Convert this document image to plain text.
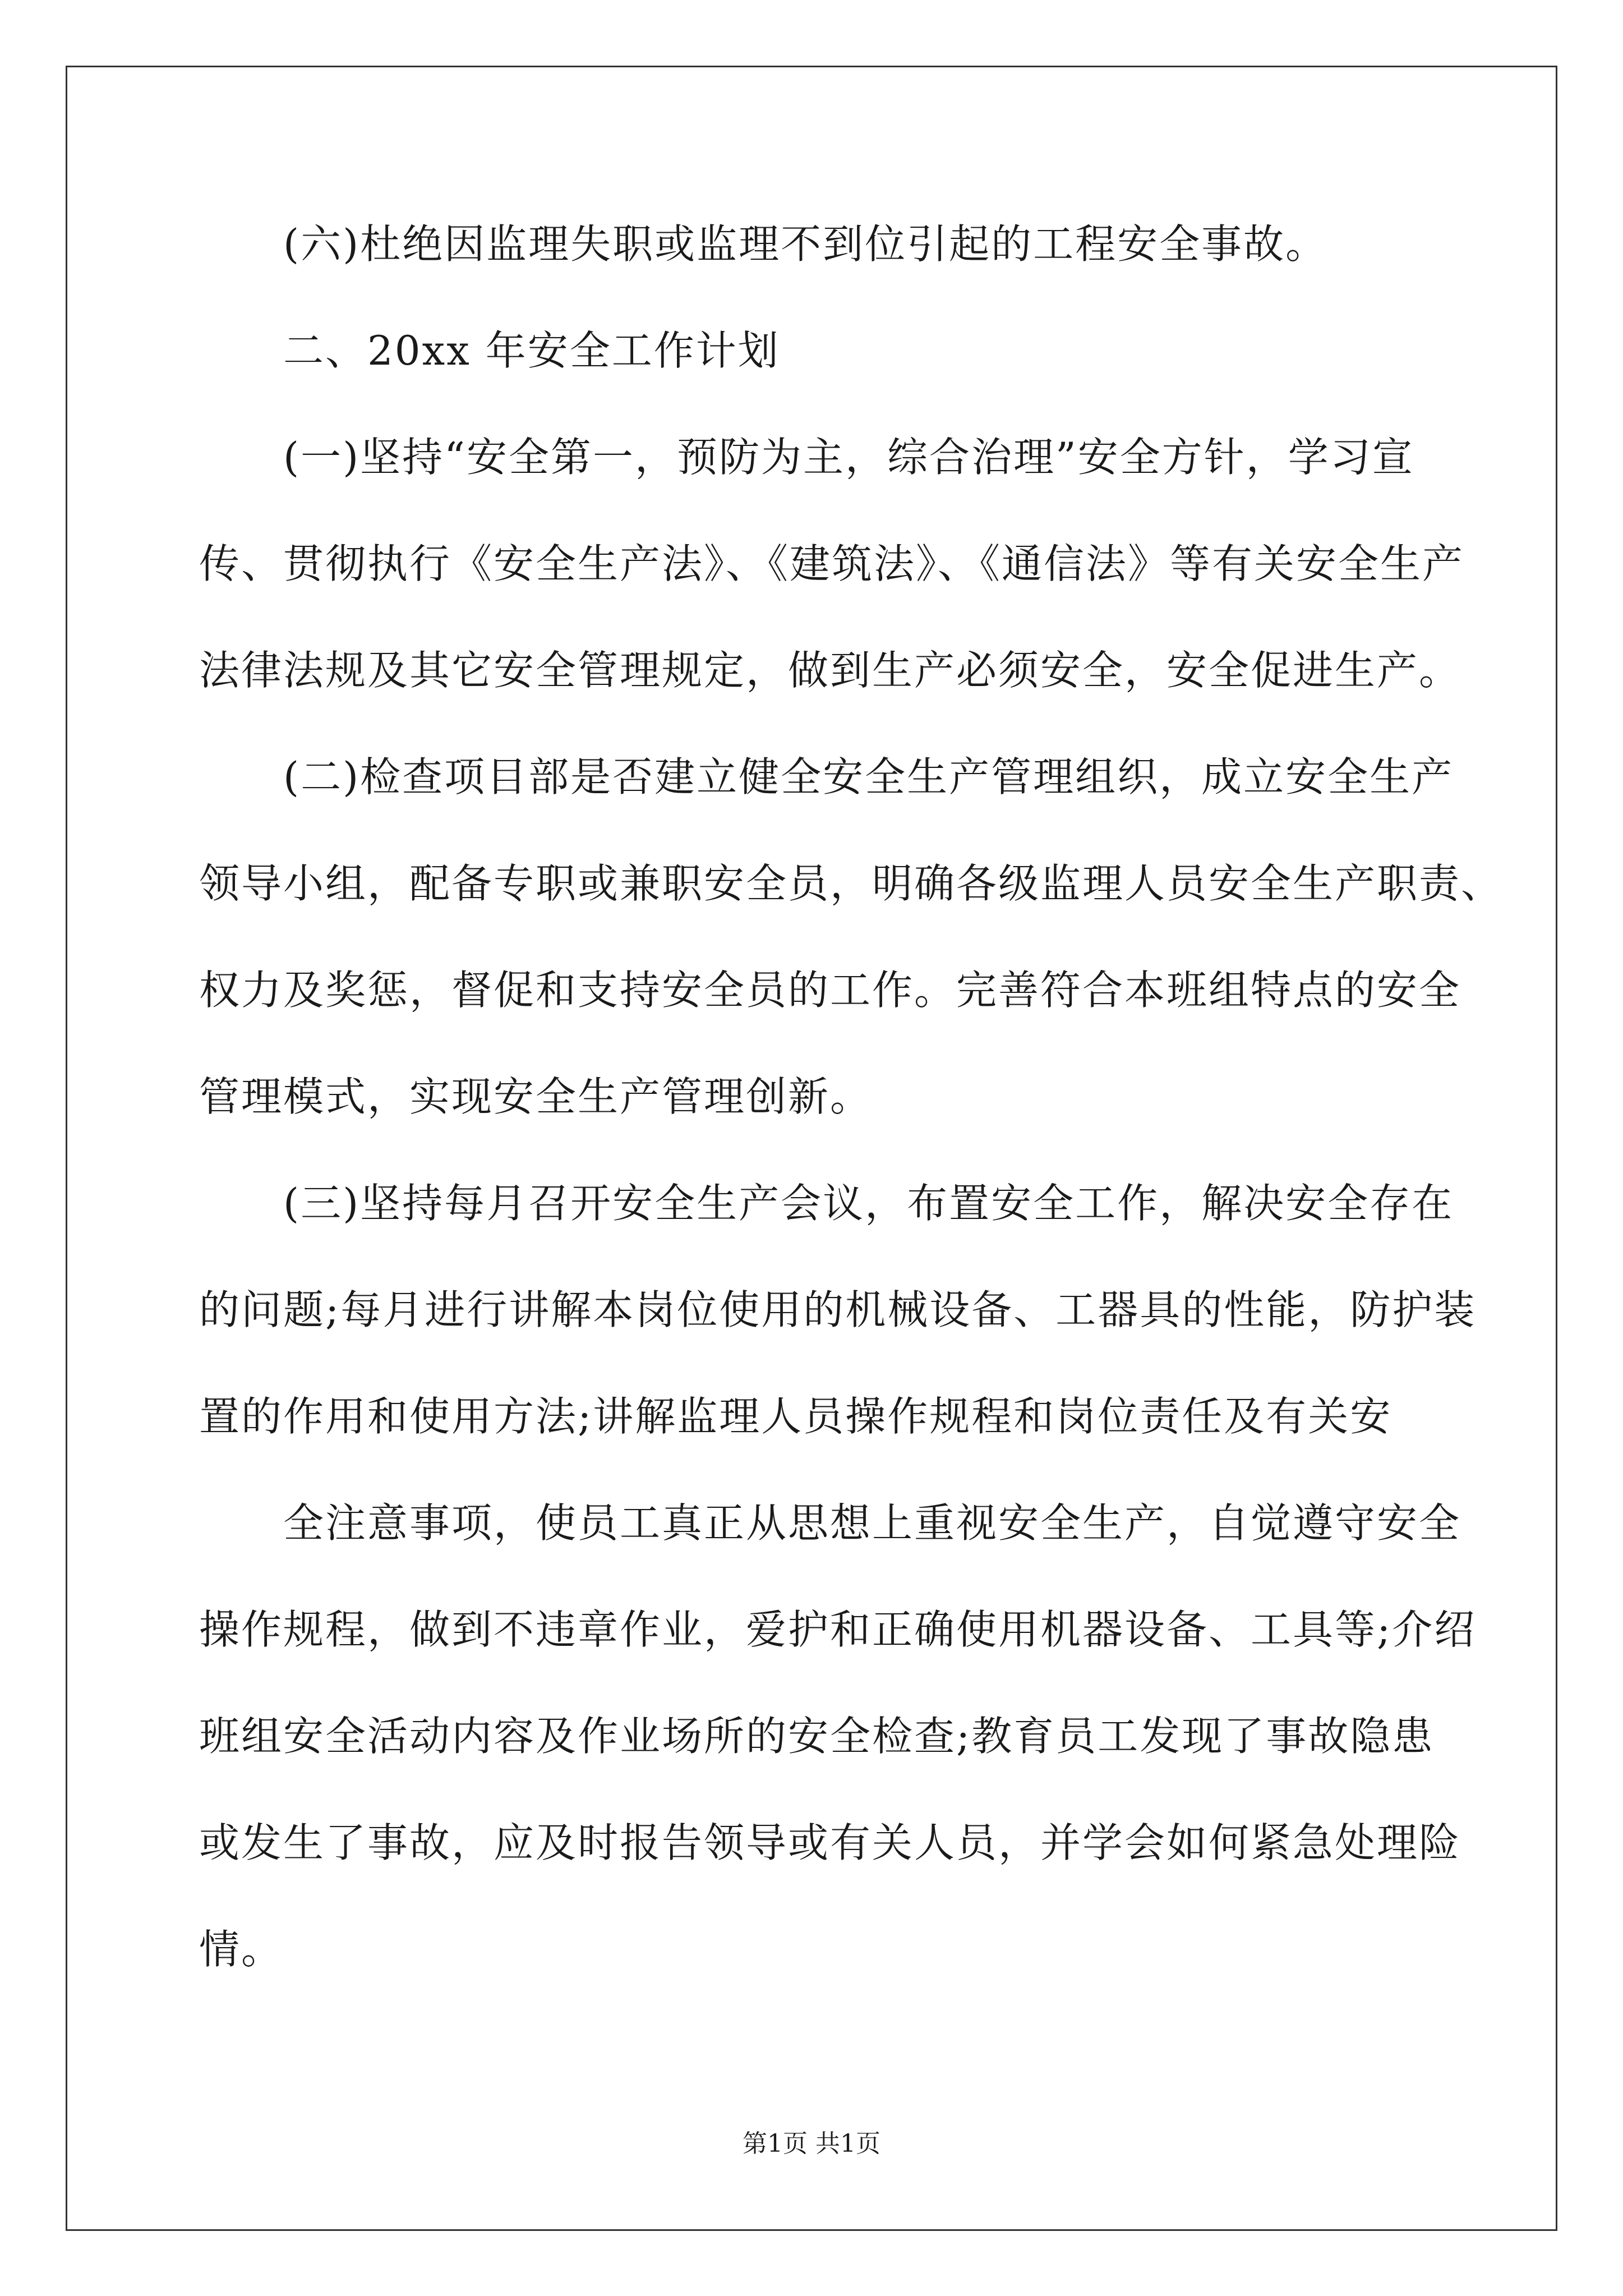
(六)杜绝因监理失职或监理不到位引起的工程安全事故。
二、20xx 年安全工作计划
(一)坚持“安全第一，预防为主，综合治理”安全方针，学习宣
传、贯彻执行《安全生产法》、《建筑法》、《通信法》等有关安全生产
法律法规及其它安全管理规定，做到生产必须安全，安全促进生产。
(二)检查项目部是否建立健全安全生产管理组织，成立安全生产
领导小组，配备专职或兼职安全员，明确各级监理人员安全生产职责、
权力及奖惩，督促和支持安全员的工作。完善符合本班组特点的安全
管理模式，实现安全生产管理创新。
(三)坚持每月召开安全生产会议，布置安全工作，解决安全存在
的问题;每月进行讲解本岗位使用的机械设备、工器具的性能，防护装
置的作用和使用方法;讲解监理人员操作规程和岗位责任及有关安
全注意事项，使员工真正从思想上重视安全生产，自觉遵守安全
操作规程，做到不违章作业，爱护和正确使用机器设备、工具等;介绍
班组安全活动内容及作业场所的安全检查;教育员工发现了事故隐患
或发生了事故，应及时报告领导或有关人员，并学会如何紧急处理险
情。
第1页 共1页
